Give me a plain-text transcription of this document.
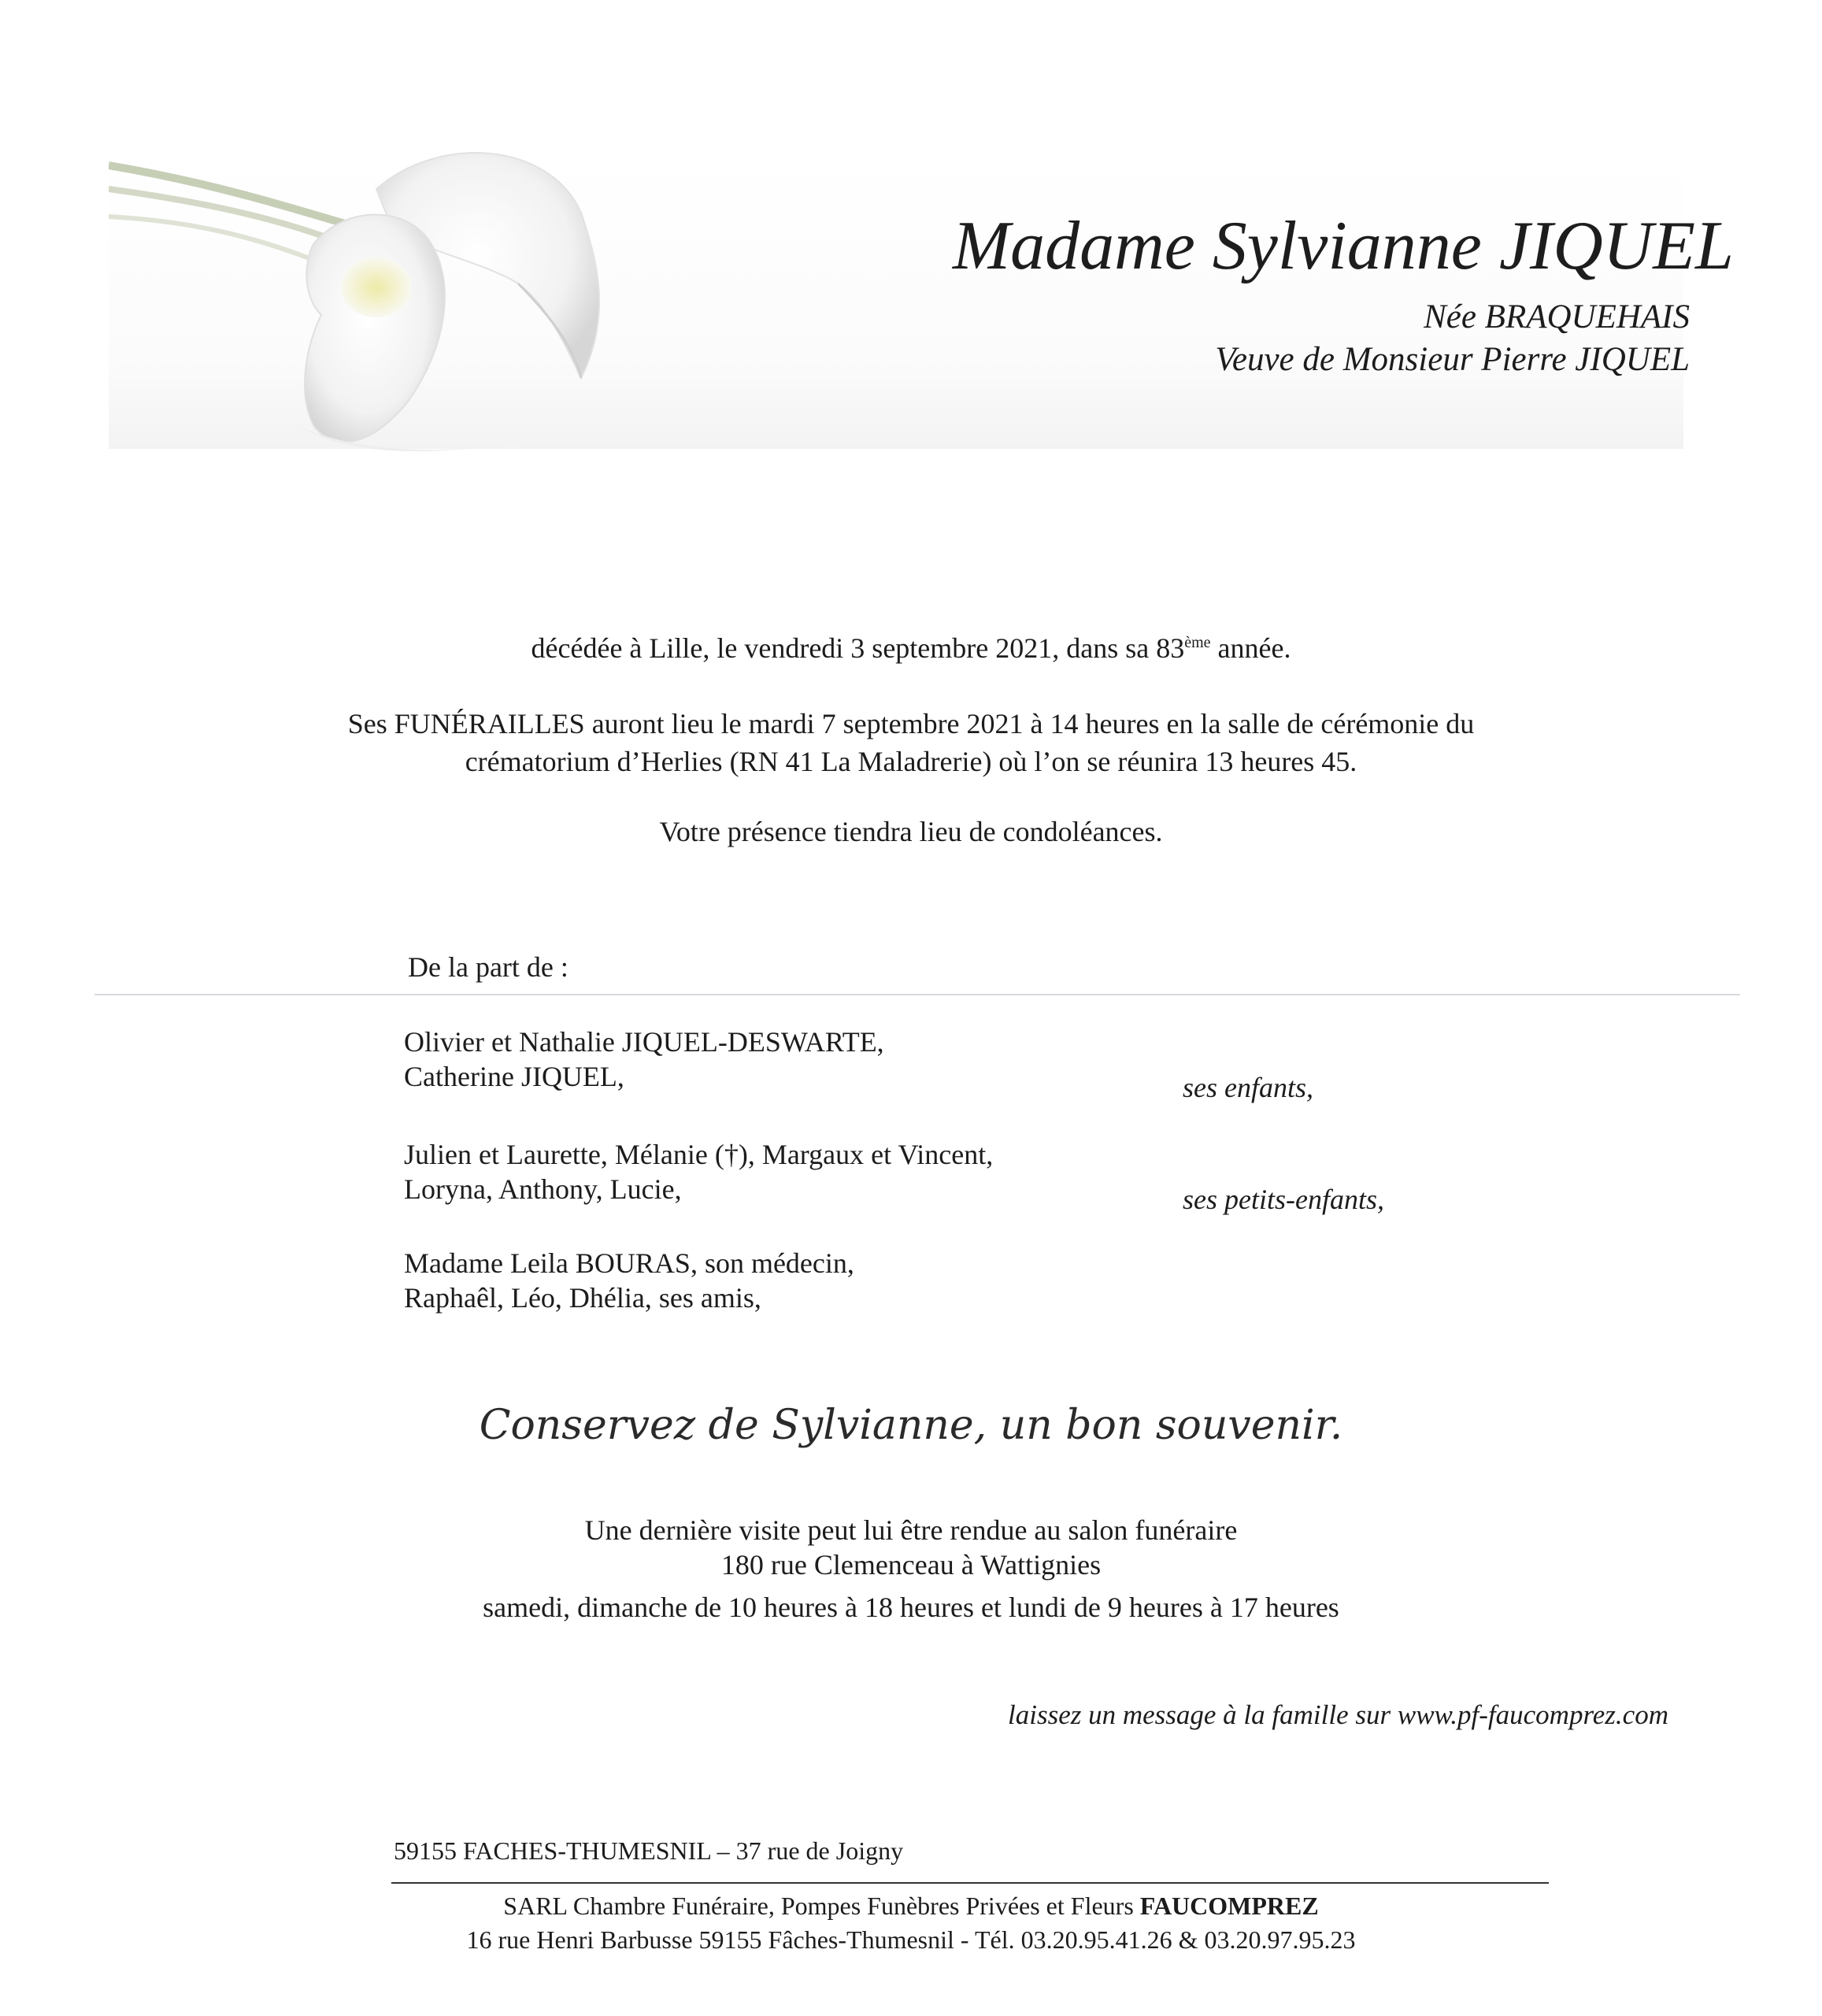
Madame Sylvianne JIQUEL
Née BRAQUEHAIS
Veuve de Monsieur Pierre JIQUEL
décédée à Lille, le vendredi 3 septembre 2021, dans sa 83ème année.
Ses FUNÉRAILLES auront lieu le mardi 7 septembre 2021 à 14 heures en la salle de cérémonie du
crématorium d’Herlies (RN 41 La Maladrerie) où l’on se réunira 13 heures 45.
Votre présence tiendra lieu de condoléances.
De la part de :
Olivier et Nathalie JIQUEL-DESWARTE,
Catherine JIQUEL,	ses enfants,
Julien et Laurette, Mélanie (†), Margaux et Vincent,
Loryna, Anthony, Lucie,	ses petits-enfants,
Madame Leila BOURAS, son médecin,
Raphaêl, Léo, Dhélia, ses amis,
Conservez de Sylvianne, un bon souvenir.
Une dernière visite peut lui être rendue au salon funéraire
180 rue Clemenceau à Wattignies
samedi, dimanche de 10 heures à 18 heures et lundi de 9 heures à 17 heures
laissez un message à la famille sur www.pf-faucomprez.com
59155 FACHES-THUMESNIL – 37 rue de Joigny
SARL Chambre Funéraire, Pompes Funèbres Privées et Fleurs FAUCOMPREZ
16 rue Henri Barbusse 59155 Fâches-Thumesnil - Tél. 03.20.95.41.26 & 03.20.97.95.23
